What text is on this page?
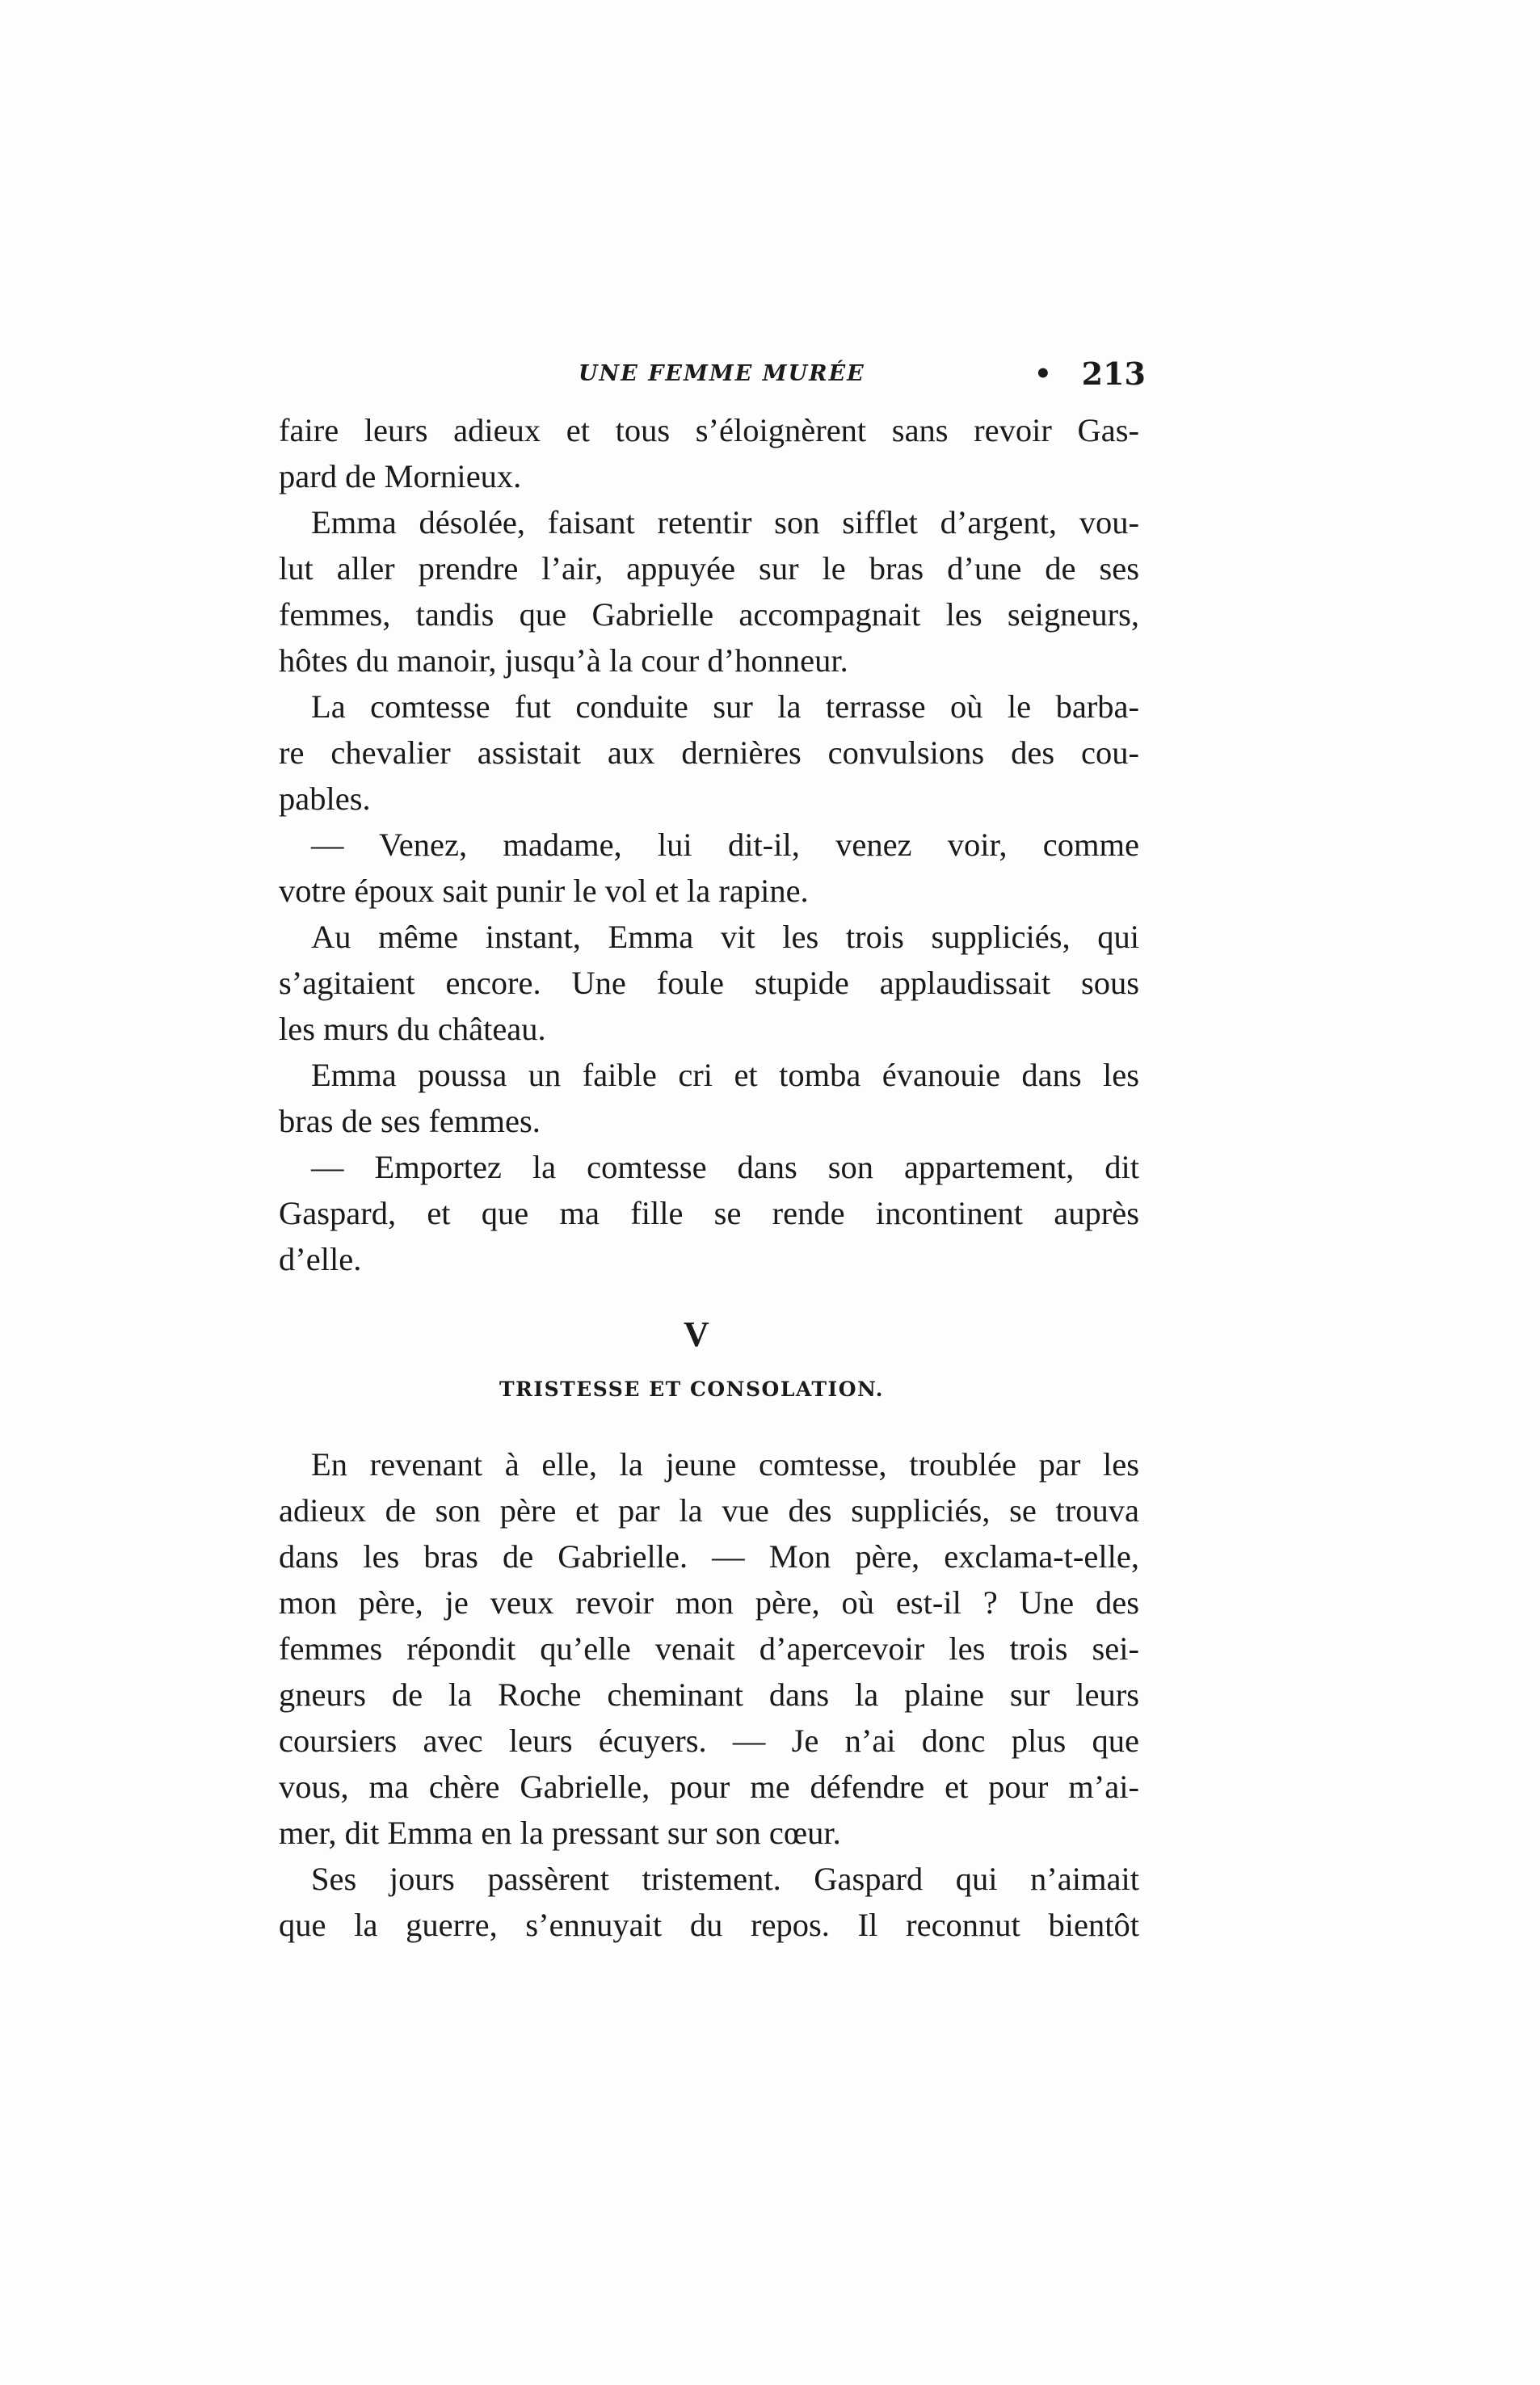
UNE FEMME MURÉE	• 213
faire leurs adieux et tous s’éloignèrent sans revoir Gas-
pard de Mornieux.
Emma désolée, faisant retentir son sifflet d’argent, vou-
lut aller prendre l’air, appuyée sur le bras d’une de ses
femmes, tandis que Gabrielle accompagnait les seigneurs,
hôtes du manoir, jusqu’à la cour d’honneur.
La comtesse fut conduite sur la terrasse où le barba-
re chevalier assistait aux dernières convulsions des cou-
pables.
— Venez, madame, lui dit-il, venez voir, comme
votre époux sait punir le vol et la rapine.
Au même instant, Emma vit les trois suppliciés, qui
s’agitaient encore. Une foule stupide applaudissait sous
les murs du château.
Emma poussa un faible cri et tomba évanouie dans les
bras de ses femmes.
— Emportez la comtesse dans son appartement, dit
Gaspard, et que ma fille se rende incontinent auprès
d’elle.
V
TRISTESSE ET CONSOLATION.
En revenant à elle, la jeune comtesse, troublée par les
adieux de son père et par la vue des suppliciés, se trouva
dans les bras de Gabrielle. — Mon père, exclama-t-elle,
mon père, je veux revoir mon père, où est-il ? Une des
femmes répondit qu’elle venait d’apercevoir les trois sei-
gneurs de la Roche cheminant dans la plaine sur leurs
coursiers avec leurs écuyers. — Je n’ai donc plus que
vous, ma chère Gabrielle, pour me défendre et pour m’ai-
mer, dit Emma en la pressant sur son cœur.
Ses jours passèrent tristement. Gaspard qui n’aimait
que la guerre, s’ennuyait du repos. Il reconnut bientôt
